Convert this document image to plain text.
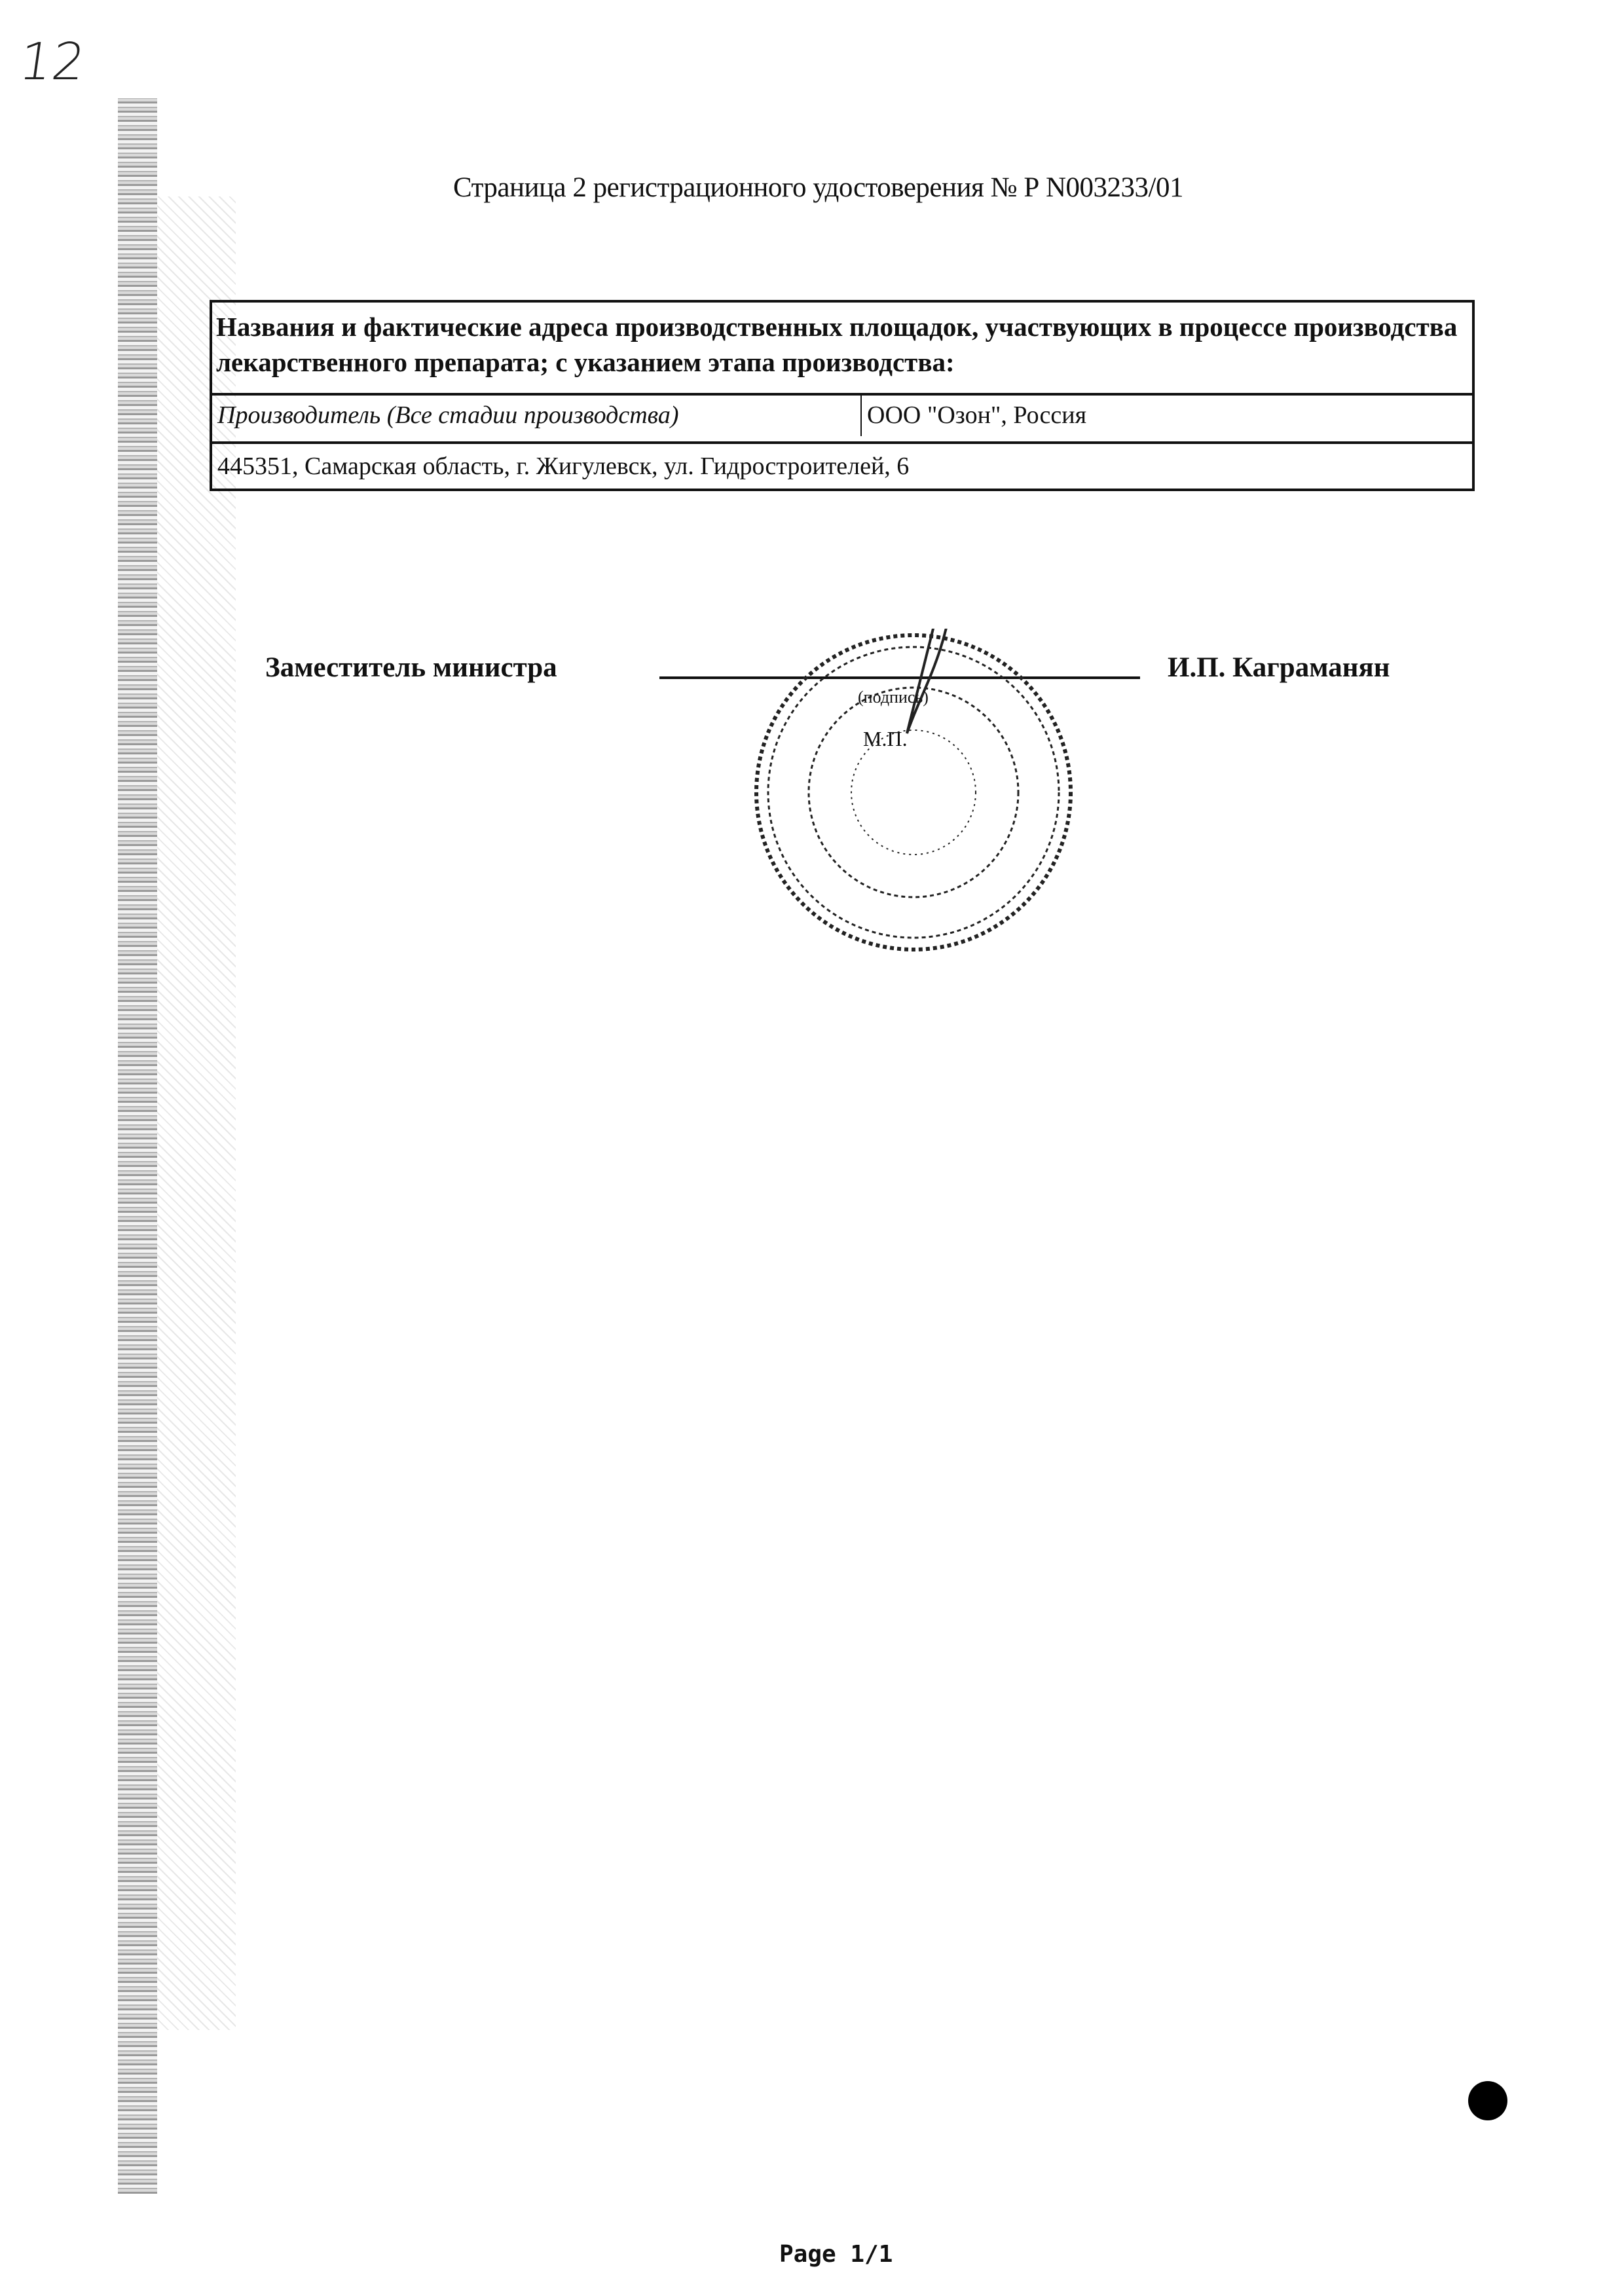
12
Страница 2 регистрационного удостоверения № Р N003233/01
Названия и фактические адреса производственных площадок, участвующих в процессе производства лекарственного препарата; с указанием этапа производства:
Производитель (Все стадии производства)	ООО "Озон", Россия
445351, Самарская область, г. Жигулевск, ул. Гидростроителей, 6
Заместитель министра	И.П. Каграманян
(подпись)
М.П.
Page 1/1
